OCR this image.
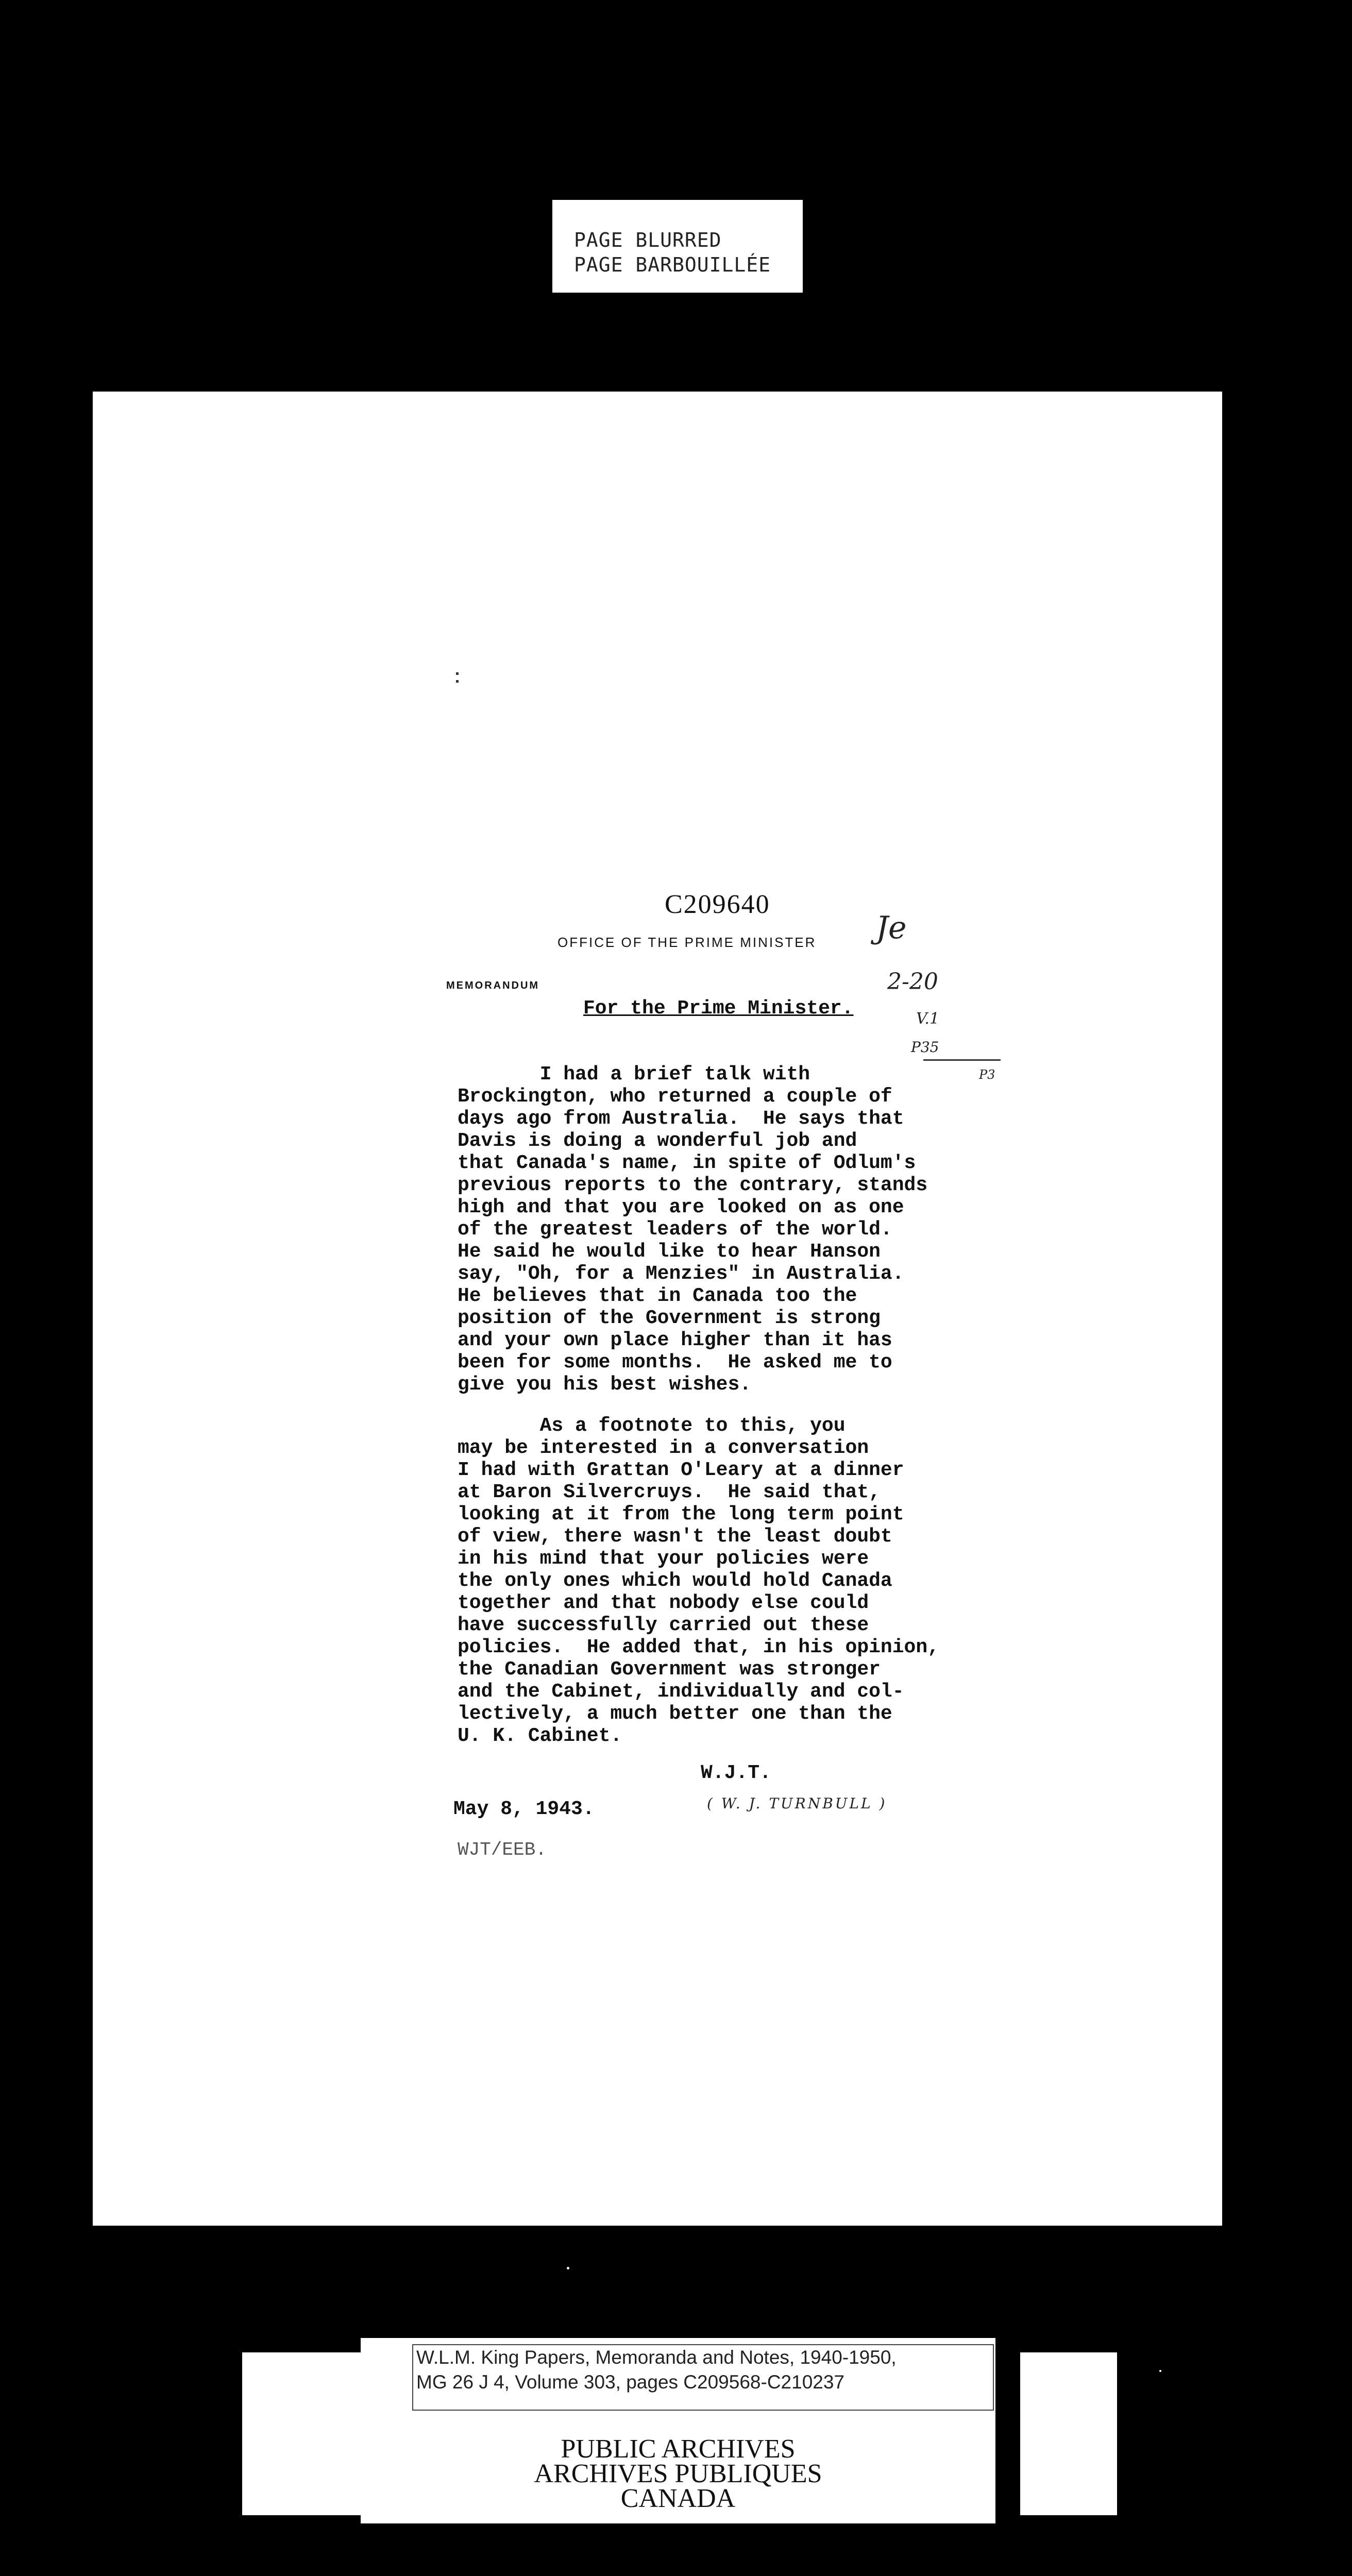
PAGE BLURRED
PAGE BARBOUILLÉE
C209640
OFFICE OF THE PRIME MINISTER
MEMORANDUM
For the Prime Minister.
Je
2-20
V.1
P35
P3
I had a brief talk with
Brockington, who returned a couple of
days ago from Australia.  He says that
Davis is doing a wonderful job and
that Canada's name, in spite of Odlum's
previous reports to the contrary, stands
high and that you are looked on as one
of the greatest leaders of the world.
He said he would like to hear Hanson
say, "Oh, for a Menzies" in Australia.
He believes that in Canada too the
position of the Government is strong
and your own place higher than it has
been for some months.  He asked me to
give you his best wishes.
As a footnote to this, you
may be interested in a conversation
I had with Grattan O'Leary at a dinner
at Baron Silvercruys.  He said that,
looking at it from the long term point
of view, there wasn't the least doubt
in his mind that your policies were
the only ones which would hold Canada
together and that nobody else could
have successfully carried out these
policies.  He added that, in his opinion,
the Canadian Government was stronger
and the Cabinet, individually and col-
lectively, a much better one than the
U. K. Cabinet.
W.J.T.
( W. J. TURNBULL )
May 8, 1943.
WJT/EEB.
W.L.M. King Papers, Memoranda and Notes, 1940-1950,
MG 26 J 4, Volume 303, pages C209568-C210237
PUBLIC ARCHIVES
ARCHIVES PUBLIQUES
CANADA
